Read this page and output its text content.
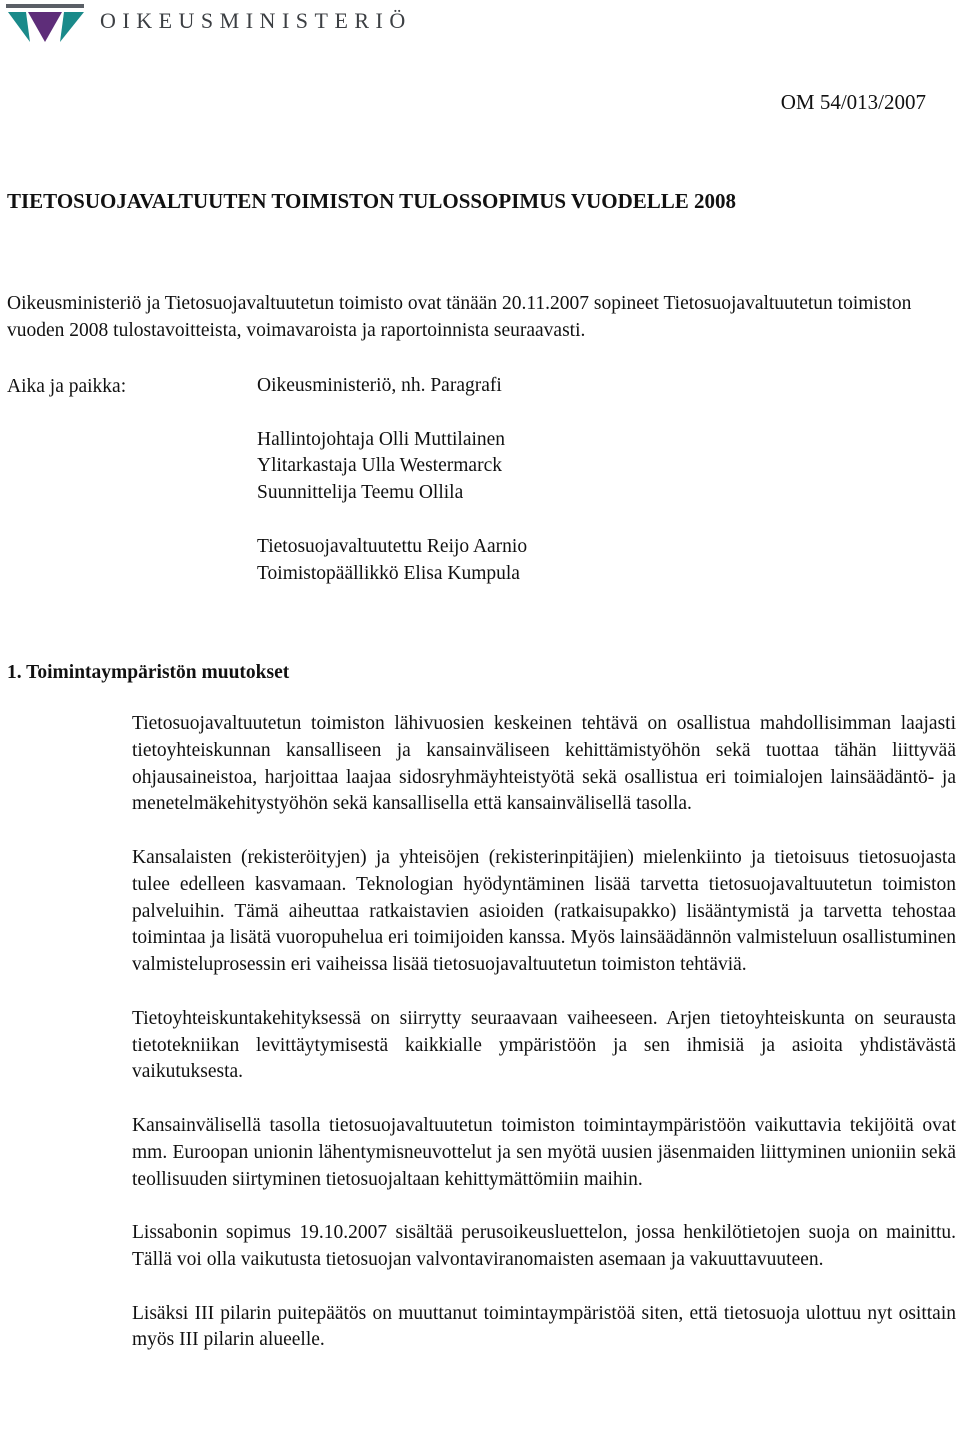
OIKEUSMINISTERIÖ
OM 54/013/2007
TIETOSUOJAVALTUUTEN TOIMISTON TULOSSOPIMUS VUODELLE 2008

Oikeusministeriö ja Tietosuojavaltuutetun toimisto ovat tänään 20.11.2007 sopineet Tietosuojavaltuutetun toimiston vuoden 2008 tulostavoitteista, voimavaroista ja raportoinnista seuraavasti.

Aika ja paikka:	Oikeusministeriö, nh. Paragrafi
Hallintojohtaja Olli Muttilainen
Ylitarkastaja Ulla Westermarck
Suunnittelija Teemu Ollila
Tietosuojavaltuutettu Reijo Aarnio
Toimistopäällikkö Elisa Kumpula
1. Toimintaympäristön muutokset

Tietosuojavaltuutetun toimiston lähivuosien keskeinen tehtävä on osallistua mahdollisimman laajasti tietoyhteiskunnan kansalliseen ja kansainväliseen kehittämistyöhön sekä tuottaa tähän liittyvää ohjausaineistoa, harjoittaa laajaa sidosryhmäyhteistyötä sekä osallistua eri toimialojen lainsäädäntö- ja menetelmäkehitystyöhön sekä kansallisella että kansainvälisellä tasolla.

Kansalaisten (rekisteröityjen) ja yhteisöjen (rekisterinpitäjien) mielenkiinto ja tietoisuus tietosuojasta tulee edelleen kasvamaan. Teknologian hyödyntäminen lisää tarvetta tietosuojavaltuutetun toimiston palveluihin. Tämä aiheuttaa ratkaistavien asioiden (ratkaisupakko) lisääntymistä ja tarvetta tehostaa toimintaa ja lisätä vuoropuhelua eri toimijoiden kanssa. Myös lainsäädännön valmisteluun osallistuminen valmisteluprosessin eri vaiheissa lisää tietosuojavaltuutetun toimiston tehtäviä.

Tietoyhteiskuntakehityksessä on siirrytty seuraavaan vaiheeseen. Arjen tietoyhteiskunta on seurausta tietotekniikan levittäytymisestä kaikkialle ympäristöön ja sen ihmisiä ja asioita yhdistävästä vaikutuksesta.

Kansainvälisellä tasolla tietosuojavaltuutetun toimiston toimintaympäristöön vaikuttavia tekijöitä ovat mm. Euroopan unionin lähentymisneuvottelut ja sen myötä uusien jäsenmaiden liittyminen unioniin sekä teollisuuden siirtyminen tietosuojaltaan kehittymättömiin maihin.

Lissabonin sopimus 19.10.2007 sisältää perusoikeusluettelon, jossa henkilötietojen suoja on mainittu. Tällä voi olla vaikutusta tietosuojan valvontaviranomaisten asemaan ja vakuuttavuuteen.

Lisäksi III pilarin puitepäätös on muuttanut toimintaympäristöä siten, että tietosuoja ulottuu nyt osittain myös III pilarin alueelle.
